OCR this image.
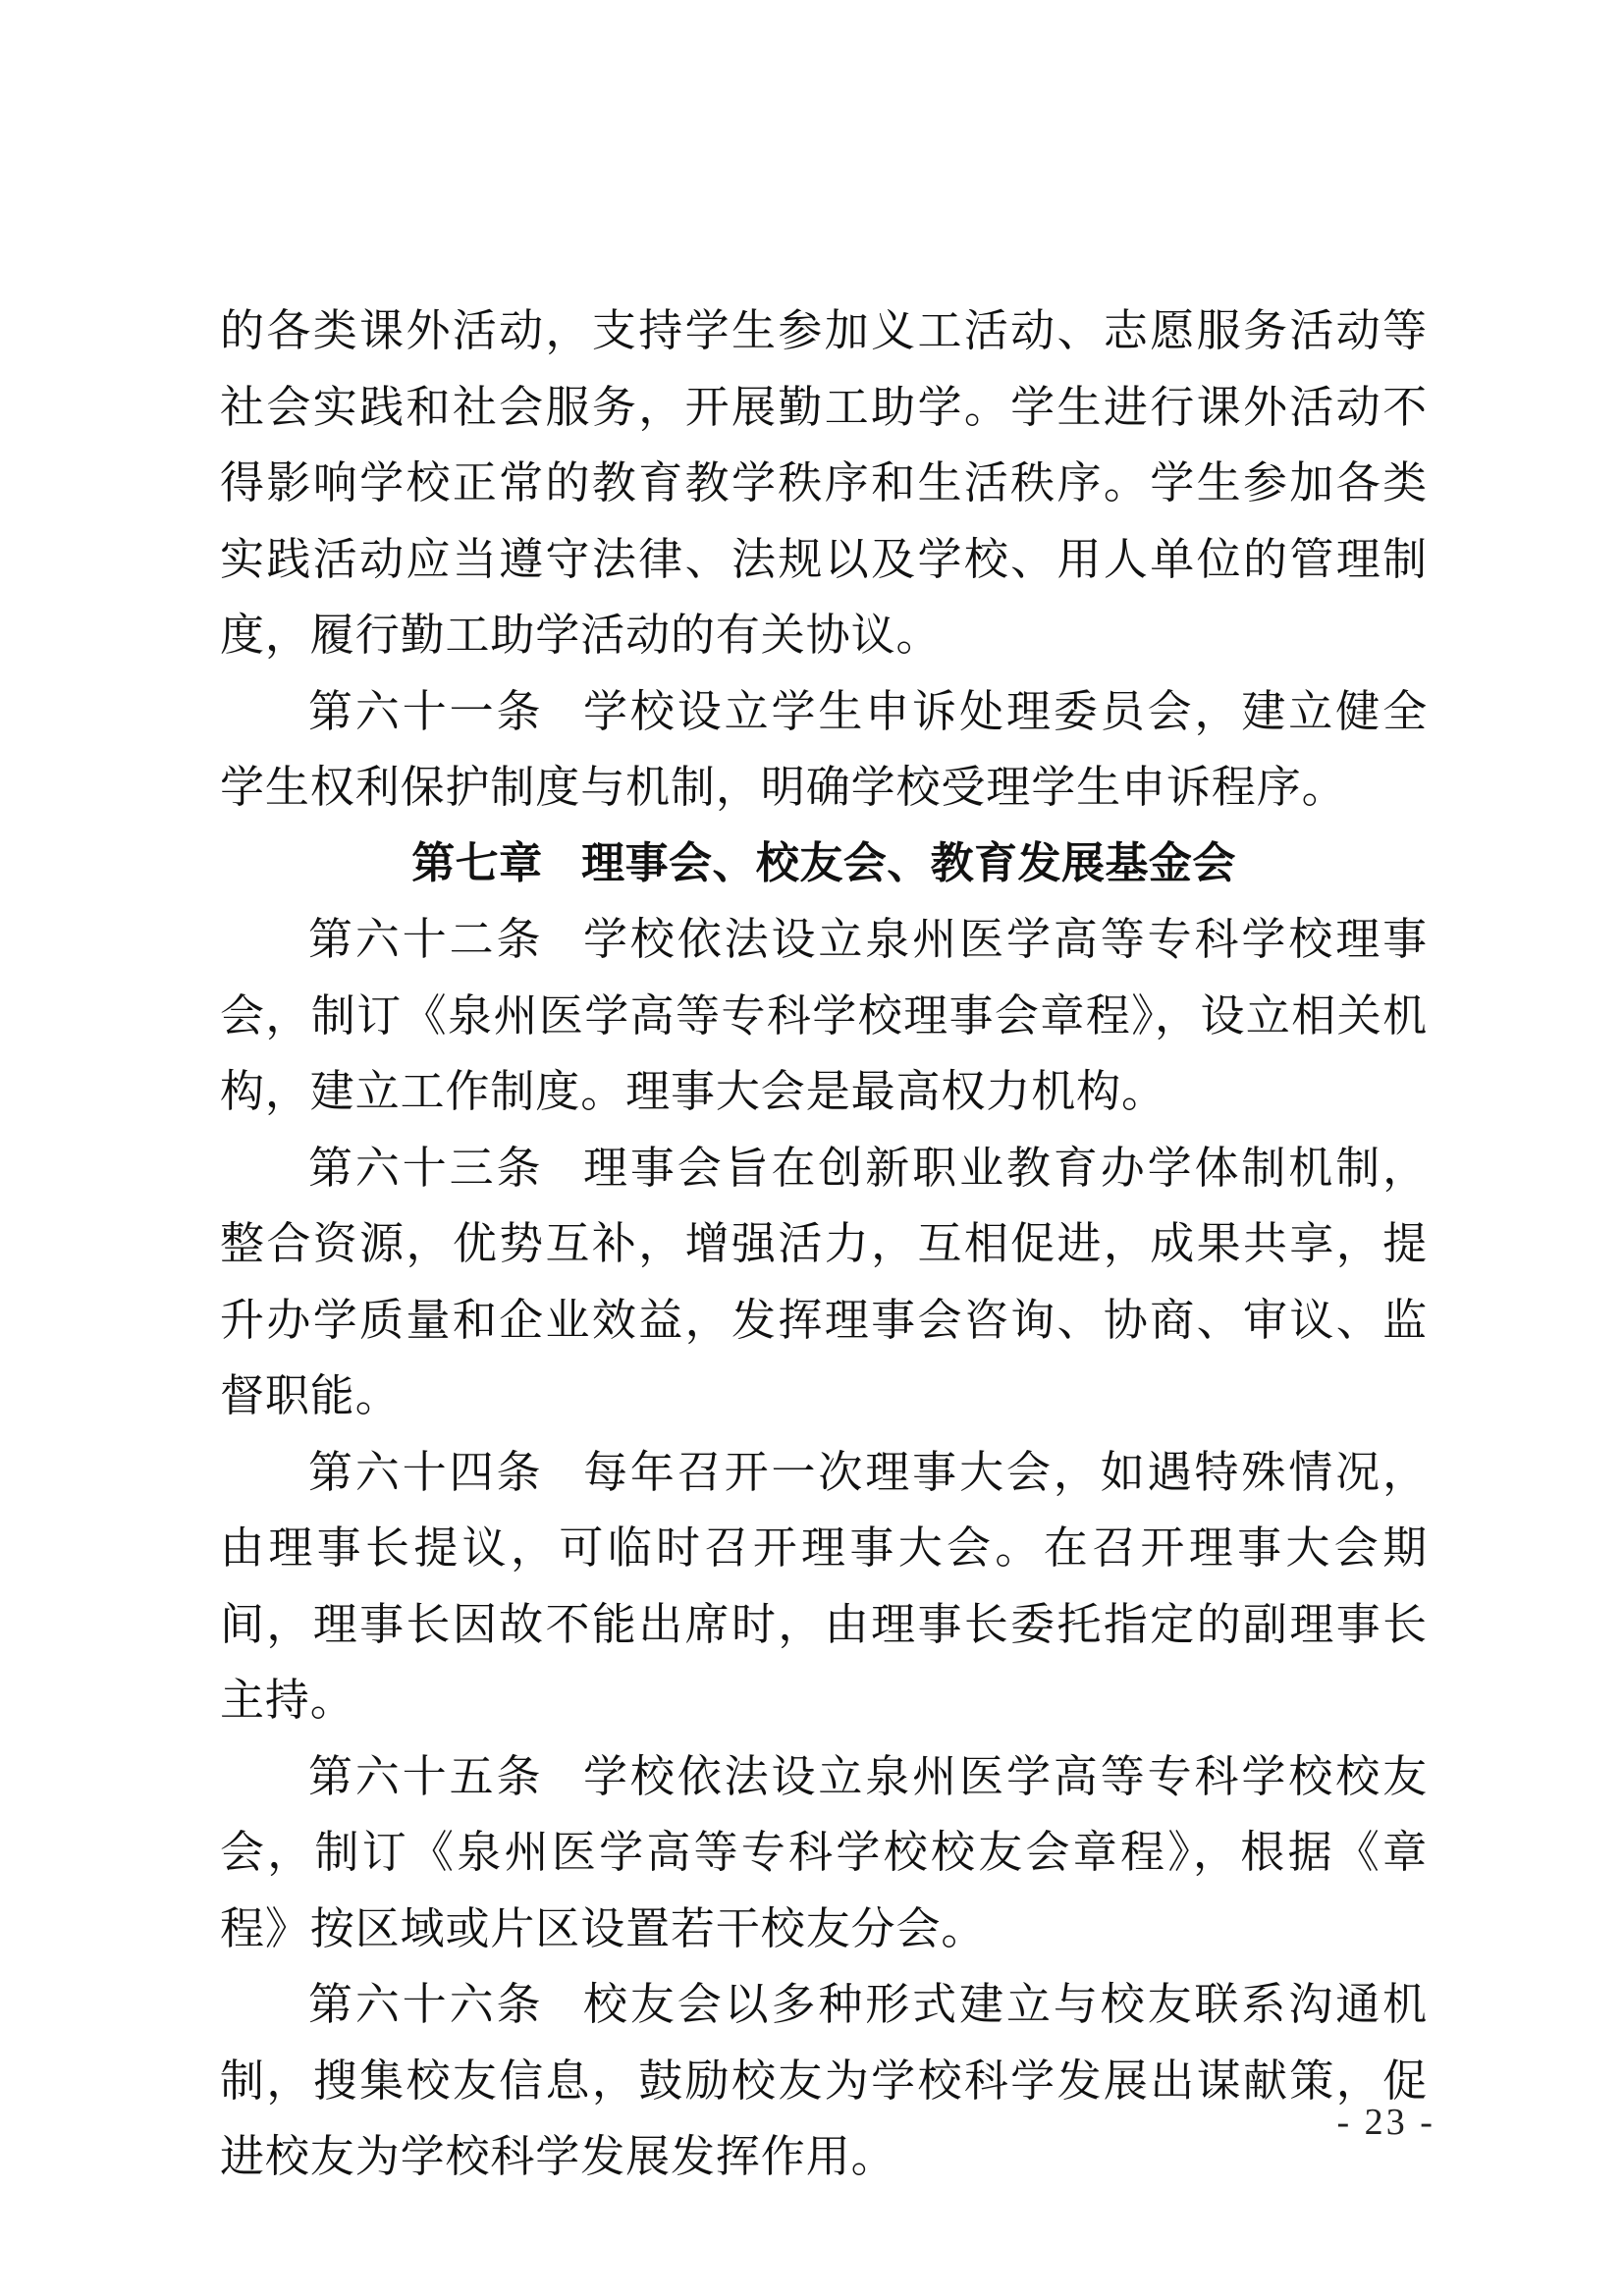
的各类课外活动，支持学生参加义工活动、志愿服务活动等社会实践和社会服务，开展勤工助学。学生进行课外活动不得影响学校正常的教育教学秩序和生活秩序。学生参加各类实践活动应当遵守法律、法规以及学校、用人单位的管理制度，履行勤工助学活动的有关协议。

第六十一条 学校设立学生申诉处理委员会，建立健全学生权利保护制度与机制，明确学校受理学生申诉程序。

第七章 理事会、校友会、教育发展基金会

第六十二条 学校依法设立泉州医学高等专科学校理事会，制订《泉州医学高等专科学校理事会章程》，设立相关机构，建立工作制度。理事大会是最高权力机构。

第六十三条 理事会旨在创新职业教育办学体制机制，整合资源，优势互补，增强活力，互相促进，成果共享，提升办学质量和企业效益，发挥理事会咨询、协商、审议、监督职能。

第六十四条 每年召开一次理事大会，如遇特殊情况，由理事长提议，可临时召开理事大会。在召开理事大会期间，理事长因故不能出席时，由理事长委托指定的副理事长主持。

第六十五条 学校依法设立泉州医学高等专科学校校友会，制订《泉州医学高等专科学校校友会章程》，根据《章程》按区域或片区设置若干校友分会。

第六十六条 校友会以多种形式建立与校友联系沟通机制，搜集校友信息，鼓励校友为学校科学发展出谋献策，促进校友为学校科学发展发挥作用。

- 23 -
